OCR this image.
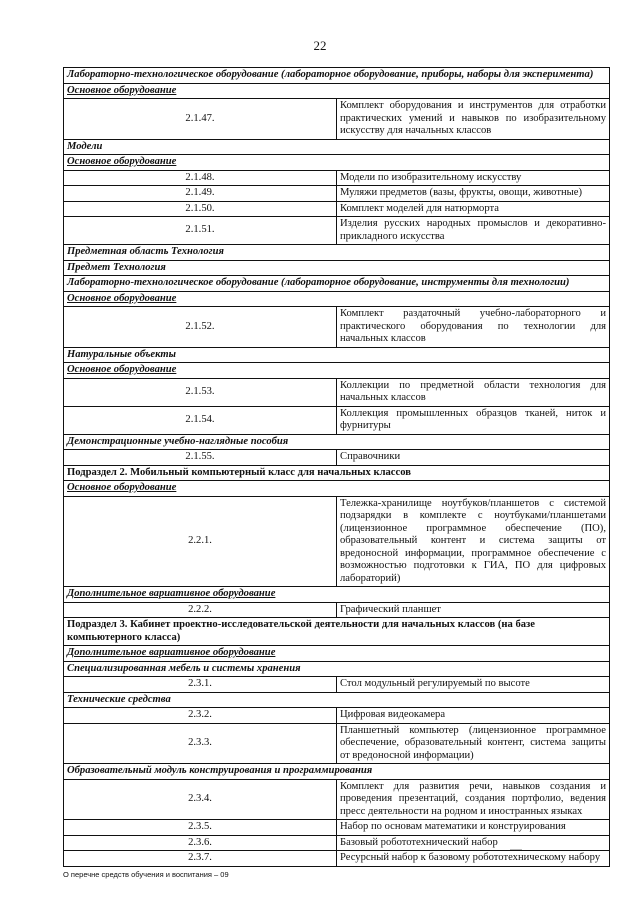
22
Лабораторно-технологическое оборудование (лабораторное оборудование, приборы, наборы для эксперимента)	
Основное оборудование	
2.1.47.	Комплект оборудования и инструментов для отработки практических умений и навыков по изобразительному искусству для начальных классов
Модели	
Основное оборудование	
2.1.48.	Модели по изобразительному искусству
2.1.49.	Муляжи предметов (вазы, фрукты, овощи, животные)
2.1.50.	Комплект моделей для натюрморта
2.1.51.	Изделия русских народных промыслов и декоративно-прикладного искусства
Предметная область Технология	
Предмет Технология	
Лабораторно-технологическое оборудование (лабораторное оборудование, инструменты для технологии)	
Основное оборудование	
2.1.52.	Комплект раздаточный учебно-лабораторного и практического оборудования по технологии для начальных классов
Натуральные объекты	
Основное оборудование	
2.1.53.	Коллекции по предметной области технология для начальных классов
2.1.54.	Коллекция промышленных образцов тканей, ниток и фурнитуры
Демонстрационные учебно-наглядные пособия	
2.1.55.	Справочники
Подраздел 2. Мобильный компьютерный класс для начальных классов	
Основное оборудование	
2.2.1.	Тележка-хранилище ноутбуков/планшетов с системой подзарядки в комплекте с ноутбуками/планшетами (лицензионное программное обеспечение (ПО), образовательный контент и система защиты от вредоносной информации, программное обеспечение с возможностью подготовки к ГИА, ПО для цифровых лабораторий)
Дополнительное вариативное оборудование	
2.2.2.	Графический планшет
Подраздел 3. Кабинет проектно-исследовательской деятельности для начальных классов (на базе компьютерного класса)	
Дополнительное вариативное оборудование	
Специализированная мебель и системы хранения	
2.3.1.	Стол модульный регулируемый по высоте
Технические средства	
2.3.2.	Цифровая видеокамера
2.3.3.	Планшетный компьютер (лицензионное программное обеспечение, образовательный контент, система защиты от вредоносной информации)
Образовательный модуль конструирования и программирования	
2.3.4.	Комплект для развития речи, навыков создания и проведения презентаций, создания портфолио, ведения пресс деятельности на родном и иностранных языках
2.3.5.	Набор по основам математики и конструирования
2.3.6.	Базовый робототехнический набор
2.3.7.	Ресурсный набор к базовому робототехническому набору
О перечне средств обучения и воспитания – 09
